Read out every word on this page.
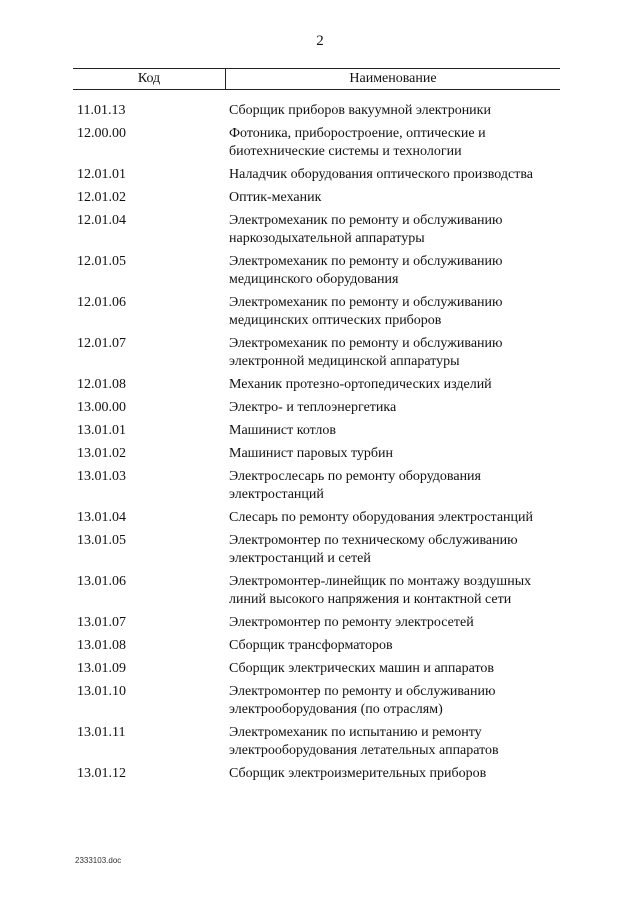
2
Код	Наименование
11.01.13	Сборщик приборов вакуумной электроники
12.00.00	Фотоника, приборостроение, оптические и биотехнические системы и технологии
12.01.01	Наладчик оборудования оптического производства
12.01.02	Оптик-механик
12.01.04	Электромеханик по ремонту и обслуживанию наркозодыхательной аппаратуры
12.01.05	Электромеханик по ремонту и обслуживанию медицинского оборудования
12.01.06	Электромеханик по ремонту и обслуживанию медицинских оптических приборов
12.01.07	Электромеханик по ремонту и обслуживанию электронной медицинской аппаратуры
12.01.08	Механик протезно-ортопедических изделий
13.00.00	Электро- и теплоэнергетика
13.01.01	Машинист котлов
13.01.02	Машинист паровых турбин
13.01.03	Электрослесарь по ремонту оборудования электростанций
13.01.04	Слесарь по ремонту оборудования электростанций
13.01.05	Электромонтер по техническому обслуживанию электростанций и сетей
13.01.06	Электромонтер-линейщик по монтажу воздушных линий высокого напряжения и контактной сети
13.01.07	Электромонтер по ремонту электросетей
13.01.08	Сборщик трансформаторов
13.01.09	Сборщик электрических машин и аппаратов
13.01.10	Электромонтер по ремонту и обслуживанию электрооборудования (по отраслям)
13.01.11	Электромеханик по испытанию и ремонту электрооборудования летательных аппаратов
13.01.12	Сборщик электроизмерительных приборов
2333103.doc
